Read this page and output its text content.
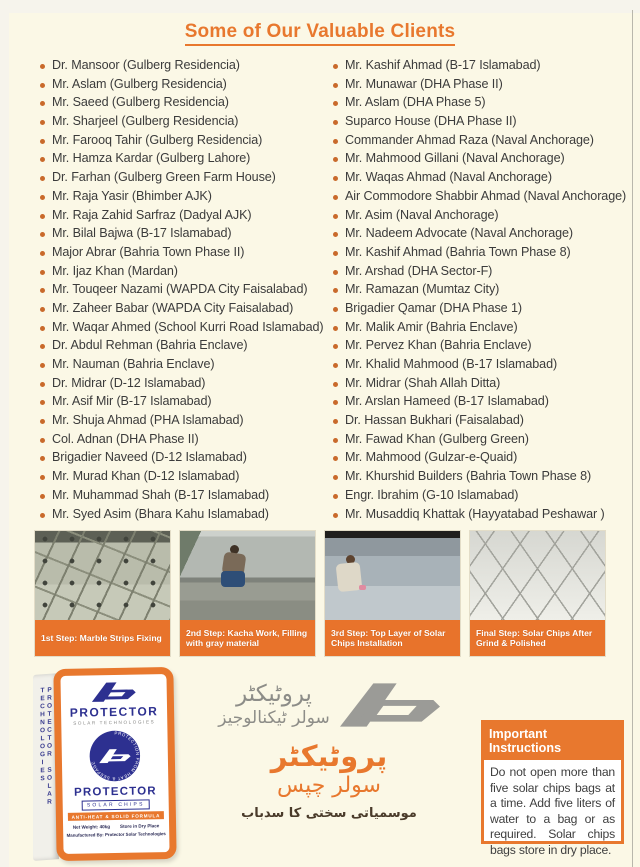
Some of Our Valuable Clients
Dr. Mansoor (Gulberg Residencia)
Mr. Aslam (Gulberg Residencia)
Mr. Saeed (Gulberg Residencia)
Mr. Sharjeel (Gulberg Residencia)
Mr. Farooq Tahir (Gulberg Residencia)
Mr. Hamza Kardar (Gulberg Lahore)
Dr. Farhan (Gulberg Green Farm House)
Mr. Raja Yasir (Bhimber AJK)
Mr. Raja Zahid Sarfraz (Dadyal AJK)
Mr. Bilal Bajwa (B-17 Islamabad)
Major Abrar (Bahria Town Phase II)
Mr. Ijaz Khan (Mardan)
Mr. Touqeer Nazami (WAPDA City Faisalabad)
Mr. Zaheer Babar (WAPDA City Faisalabad)
Mr. Waqar Ahmed (School Kurri Road Islamabad)
Dr. Abdul Rehman (Bahria Enclave)
Mr. Nauman (Bahria Enclave)
Dr. Midrar (D-12 Islamabad)
Mr. Asif Mir (B-17 Islamabad)
Mr. Shuja Ahmad (PHA Islamabad)
Col. Adnan (DHA Phase II)
Brigadier Naveed (D-12 Islamabad)
Mr. Murad Khan (D-12 Islamabad)
Mr. Muhammad Shah (B-17 Islamabad)
Mr. Syed Asim (Bhara Kahu Islamabad)
Mr. Kashif Ahmad (B-17 Islamabad)
Mr. Munawar (DHA Phase II)
Mr. Aslam (DHA Phase 5)
Suparco House (DHA Phase II)
Commander Ahmad Raza (Naval Anchorage)
Mr. Mahmood Gillani (Naval Anchorage)
Mr. Waqas Ahmad (Naval Anchorage)
Air Commodore Shabbir Ahmad (Naval Anchorage)
Mr. Asim (Naval Anchorage)
Mr. Nadeem Advocate (Naval Anchorage)
Mr. Kashif Ahmad (Bahria Town Phase 8)
Mr. Arshad (DHA Sector-F)
Mr. Ramazan (Mumtaz City)
Brigadier Qamar (DHA Phase 1)
Mr. Malik Amir (Bahria Enclave)
Mr. Pervez Khan (Bahria Enclave)
Mr. Khalid Mahmood (B-17 Islamabad)
Mr. Midrar (Shah Allah Ditta)
Mr. Arslan Hameed (B-17 Islamabad)
Dr. Hassan Bukhari (Faisalabad)
Mr. Fawad Khan (Gulberg Green)
Mr. Mahmood (Gulzar-e-Quaid)
Mr. Khurshid Builders (Bahria Town Phase 8)
Engr. Ibrahim (G-10 Islamabad)
Mr. Musaddiq Khattak (Hayyatabad Peshawar )
1st Step: Marble Strips Fixing
2nd Step: Kacha Work, Filling with gray material
3rd Step: Top Layer of Solar Chips Installation
Final Step: Solar Chips After Grind & Polished
PROTECTOR SOLAR TECHNOLOGIES	PROTECTOR
SOLAR TECHNOLOGIES
PROTECTION FROM HEAT & SEEPAGE
PROTECTOR
SOLAR CHIPS
ANTI-HEAT & SOLID FORMULA
Net Weight: 40kg Store in Dry Place
Manufactured By: Protector Solar Technologies
پروٹیکٹر
سولر ٹیکنالوجیز
پروٹیکٹر
سولر چپس
موسمیاتی سختی کا سدباب
Important Instructions
Do not open more than five solar chips bags at a time. Add five liters of water to a bag or as required. Solar chips bags store in dry place.
